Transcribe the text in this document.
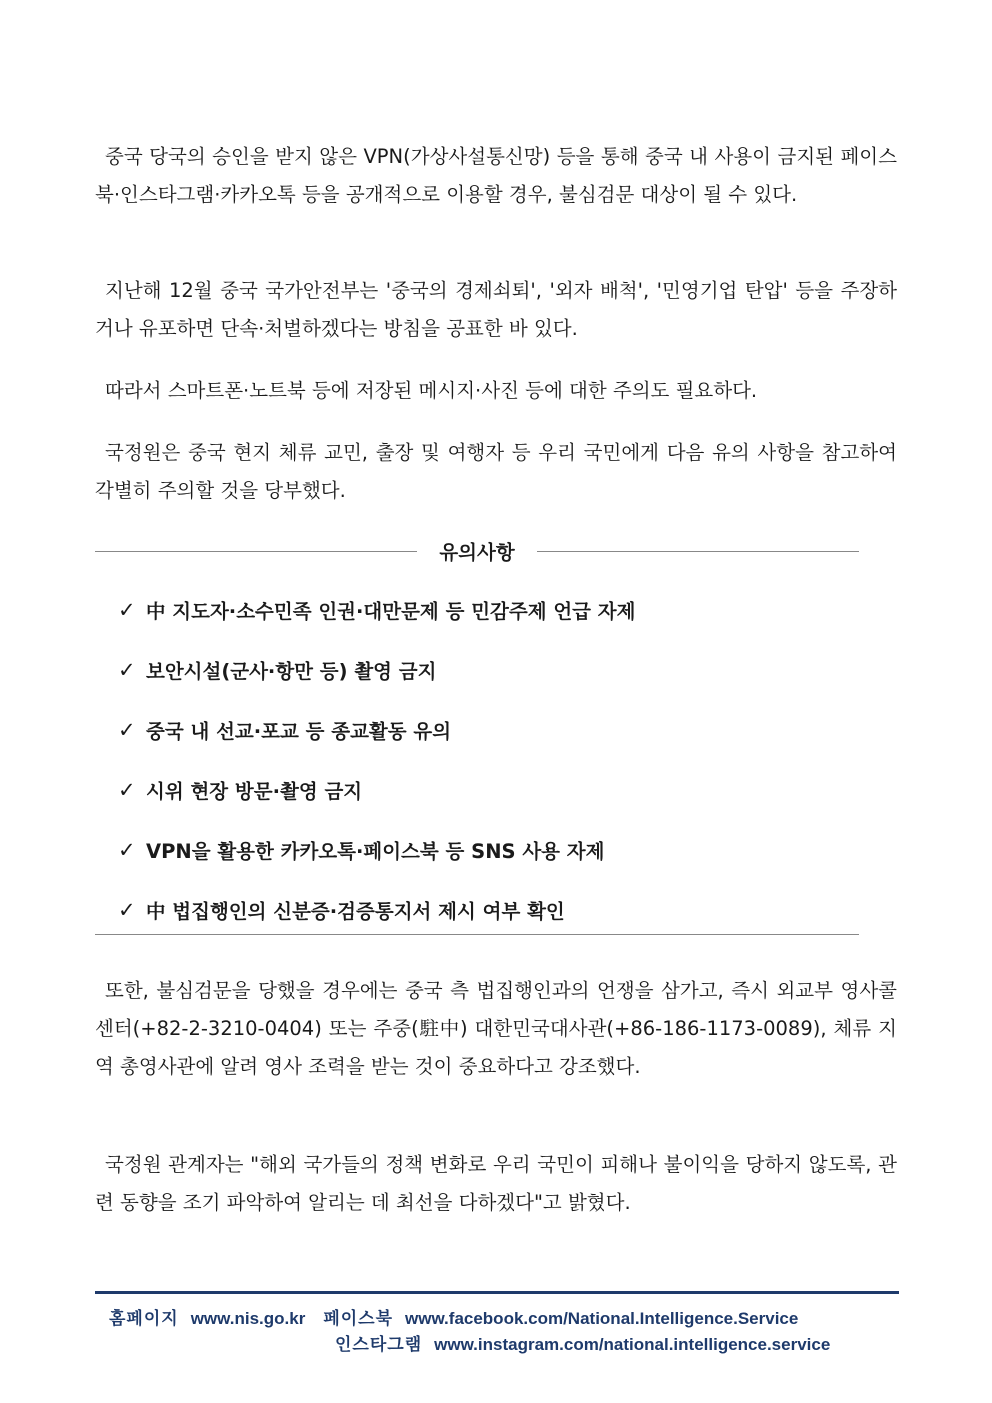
중국 당국의 승인을 받지 않은 VPN(가상사설통신망) 등을 통해 중국 내 사용이 금지된 페이스북·인스타그램·카카오톡 등을 공개적으로 이용할 경우, 불심검문 대상이 될 수 있다.

지난해 12월 중국 국가안전부는 '중국의 경제쇠퇴', '외자 배척', '민영기업 탄압' 등을 주장하거나 유포하면 단속·처벌하겠다는 방침을 공표한 바 있다.

따라서 스마트폰·노트북 등에 저장된 메시지·사진 등에 대한 주의도 필요하다.

국정원은 중국 현지 체류 교민, 출장 및 여행자 등 우리 국민에게 다음 유의 사항을 참고하여 각별히 주의할 것을 당부했다.

유의사항
✓ 中 지도자·소수민족 인권·대만문제 등 민감주제 언급 자제
✓ 보안시설(군사·항만 등) 촬영 금지
✓ 중국 내 선교·포교 등 종교활동 유의
✓ 시위 현장 방문·촬영 금지
✓ VPN을 활용한 카카오톡·페이스북 등 SNS 사용 자제
✓ 中 법집행인의 신분증·검증통지서 제시 여부 확인

또한, 불심검문을 당했을 경우에는 중국 측 법집행인과의 언쟁을 삼가고, 즉시 외교부 영사콜센터(+82-2-3210-0404) 또는 주중(駐中) 대한민국대사관(+86-186-1173-0089), 체류 지역 총영사관에 알려 영사 조력을 받는 것이 중요하다고 강조했다.

국정원 관계자는 "해외 국가들의 정책 변화로 우리 국민이 피해나 불이익을 당하지 않도록, 관련 동향을 조기 파악하여 알리는 데 최선을 다하겠다"고 밝혔다.

홈페이지 www.nis.go.kr 페이스북 www.facebook.com/National.Intelligence.Service
인스타그램 www.instagram.com/national.intelligence.service
